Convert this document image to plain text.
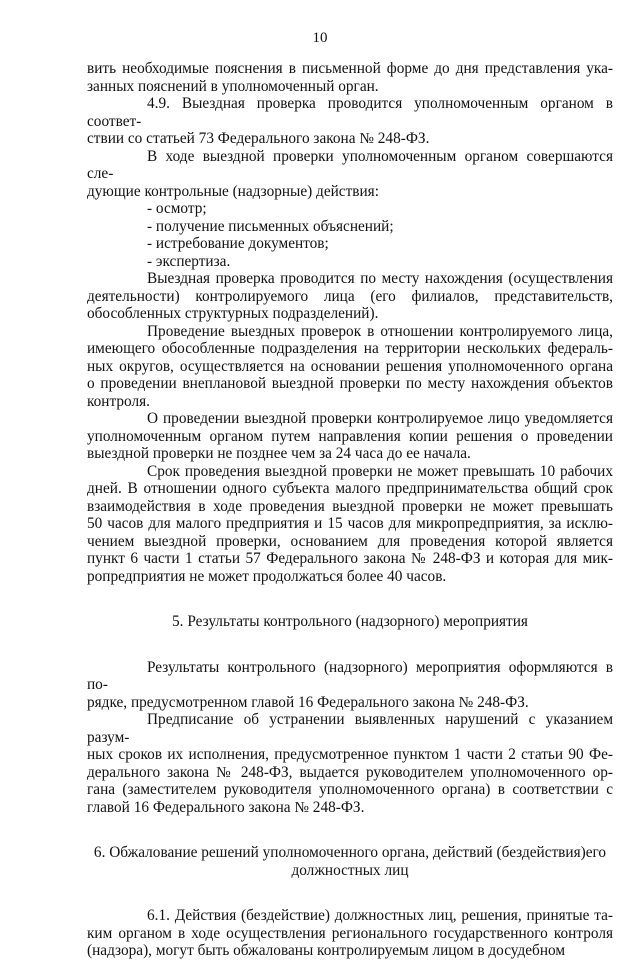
10

вить необходимые пояснения в письменной форме до дня представления ука-
занных пояснений в уполномоченный орган.

4.9. Выездная проверка проводится уполномоченным органом в соответ-
ствии со статьей 73 Федерального закона № 248-ФЗ.

В ходе выездной проверки уполномоченным органом совершаются сле-
дующие контрольные (надзорные) действия:

- осмотр;

- получение письменных объяснений;

- истребование документов;

- экспертиза.

Выездная проверка проводится по месту нахождения (осуществления
деятельности) контролируемого лица (его филиалов, представительств,
обособленных структурных подразделений).

Проведение выездных проверок в отношении контролируемого лица,
имеющего обособленные подразделения на территории нескольких федераль-
ных округов, осуществляется на основании решения уполномоченного органа
о проведении внеплановой выездной проверки по месту нахождения объектов
контроля.

О проведении выездной проверки контролируемое лицо уведомляется
уполномоченным органом путем направления копии решения о проведении
выездной проверки не позднее чем за 24 часа до ее начала.

Срок проведения выездной проверки не может превышать 10 рабочих
дней. В отношении одного субъекта малого предпринимательства общий срок
взаимодействия в ходе проведения выездной проверки не может превышать
50 часов для малого предприятия и 15 часов для микропредприятия, за исклю-
чением выездной проверки, основанием для проведения которой является
пункт 6 части 1 статьи 57 Федерального закона № 248-ФЗ и которая для мик-
ропредприятия не может продолжаться более 40 часов.

5. Результаты контрольного (надзорного) мероприятия

Результаты контрольного (надзорного) мероприятия оформляются в по-
рядке, предусмотренном главой 16 Федерального закона № 248-ФЗ.

Предписание об устранении выявленных нарушений с указанием разум-
ных сроков их исполнения, предусмотренное пунктом 1 части 2 статьи 90 Фе-
дерального закона № 248-ФЗ, выдается руководителем уполномоченного ор-
гана (заместителем руководителя уполномоченного органа) в соответствии с
главой 16 Федерального закона № 248-ФЗ.

6. Обжалование решений уполномоченного органа, действий (бездействия)его должностных лиц

6.1. Действия (бездействие) должностных лиц, решения, принятые та-
ким органом в ходе осуществления регионального государственного контроля
(надзора), могут быть обжалованы контролируемым лицом в досудебном
